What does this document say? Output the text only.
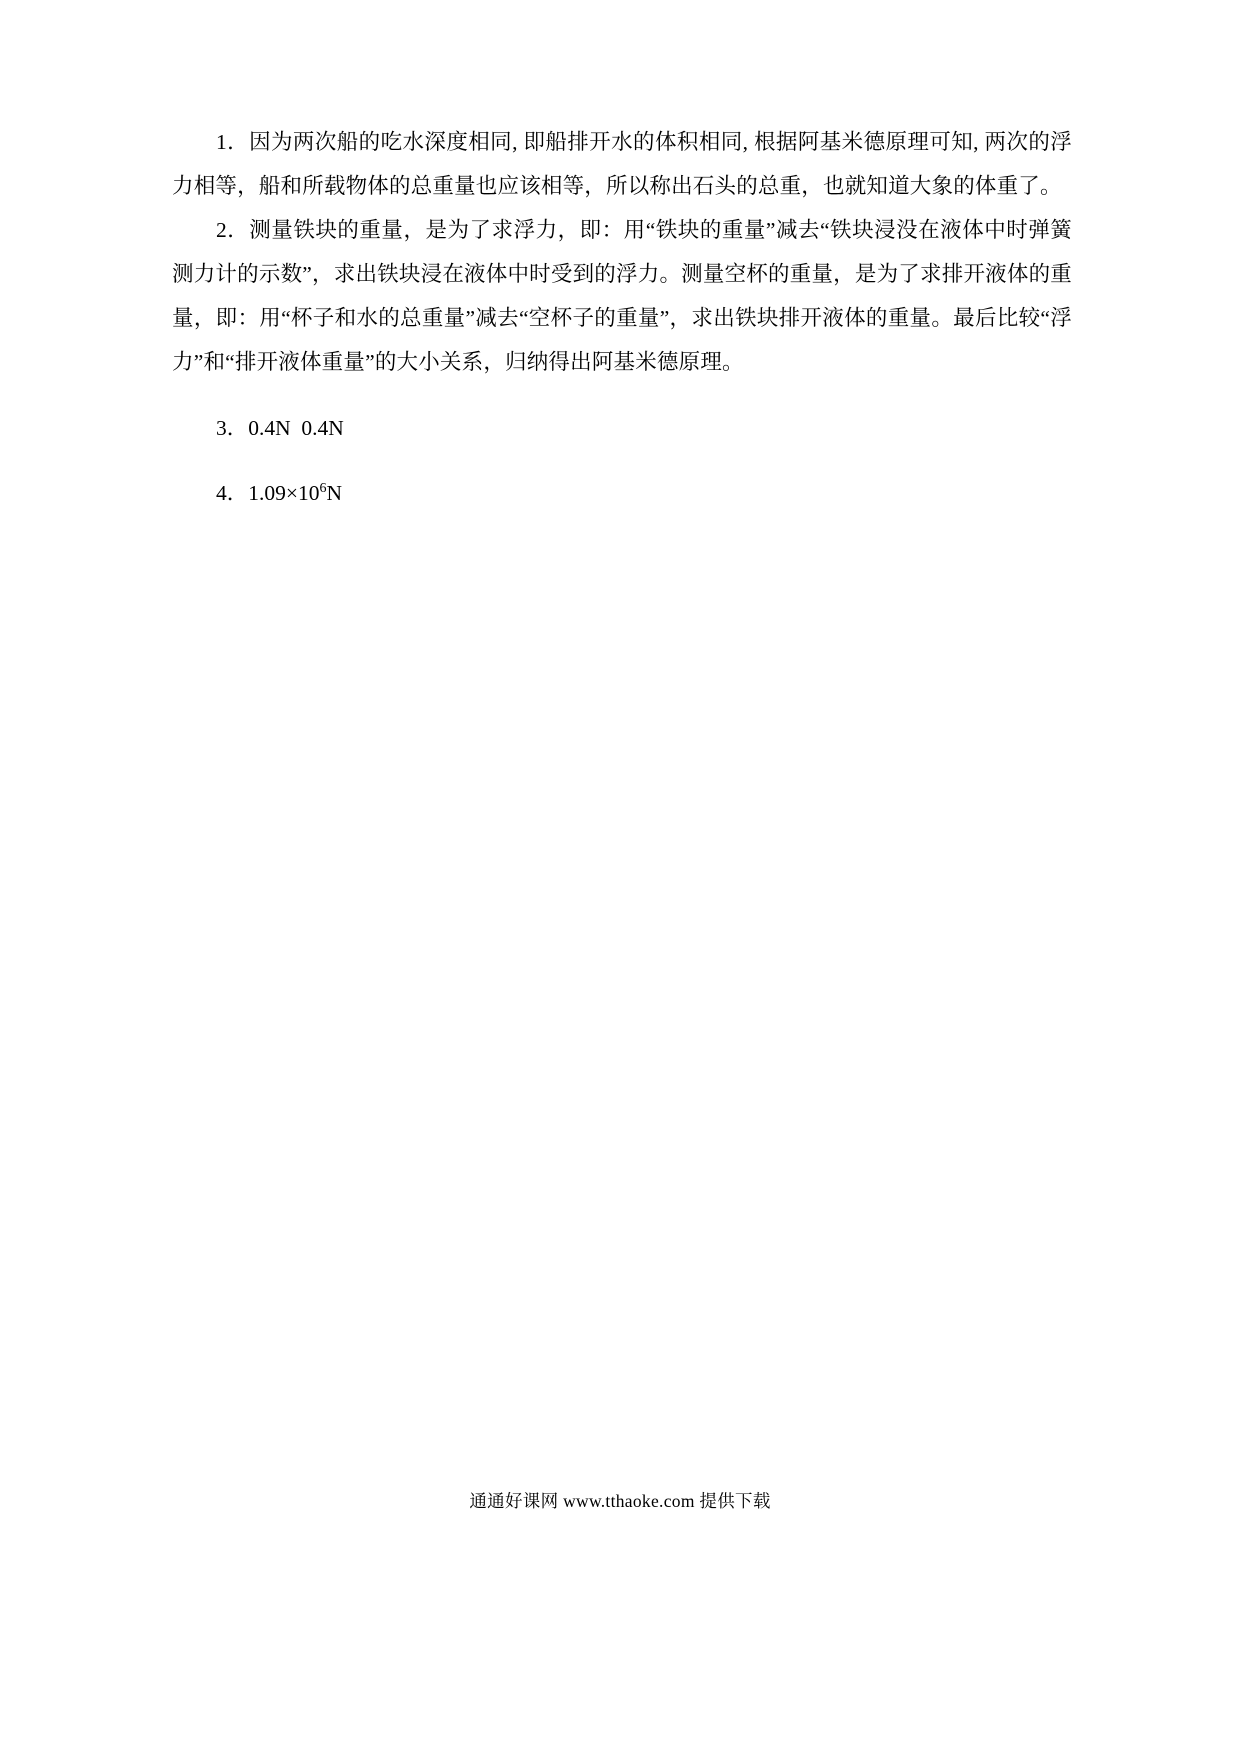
1．因为两次船的吃水深度相同, 即船排开水的体积相同, 根据阿基米德原理可知, 两次的浮力相等，船和所载物体的总重量也应该相等，所以称出石头的总重，也就知道大象的体重了。

2．测量铁块的重量，是为了求浮力，即：用“铁块的重量”减去“铁块浸没在液体中时弹簧测力计的示数”，求出铁块浸在液体中时受到的浮力。测量空杯的重量，是为了求排开液体的重量，即：用“杯子和水的总重量”减去“空杯子的重量”，求出铁块排开液体的重量。最后比较“浮力”和“排开液体重量”的大小关系，归纳得出阿基米德原理。

3．0.4N  0.4N

4．$1.09\times 10^6N$

通通好课网 www.tthaoke.com 提供下载
